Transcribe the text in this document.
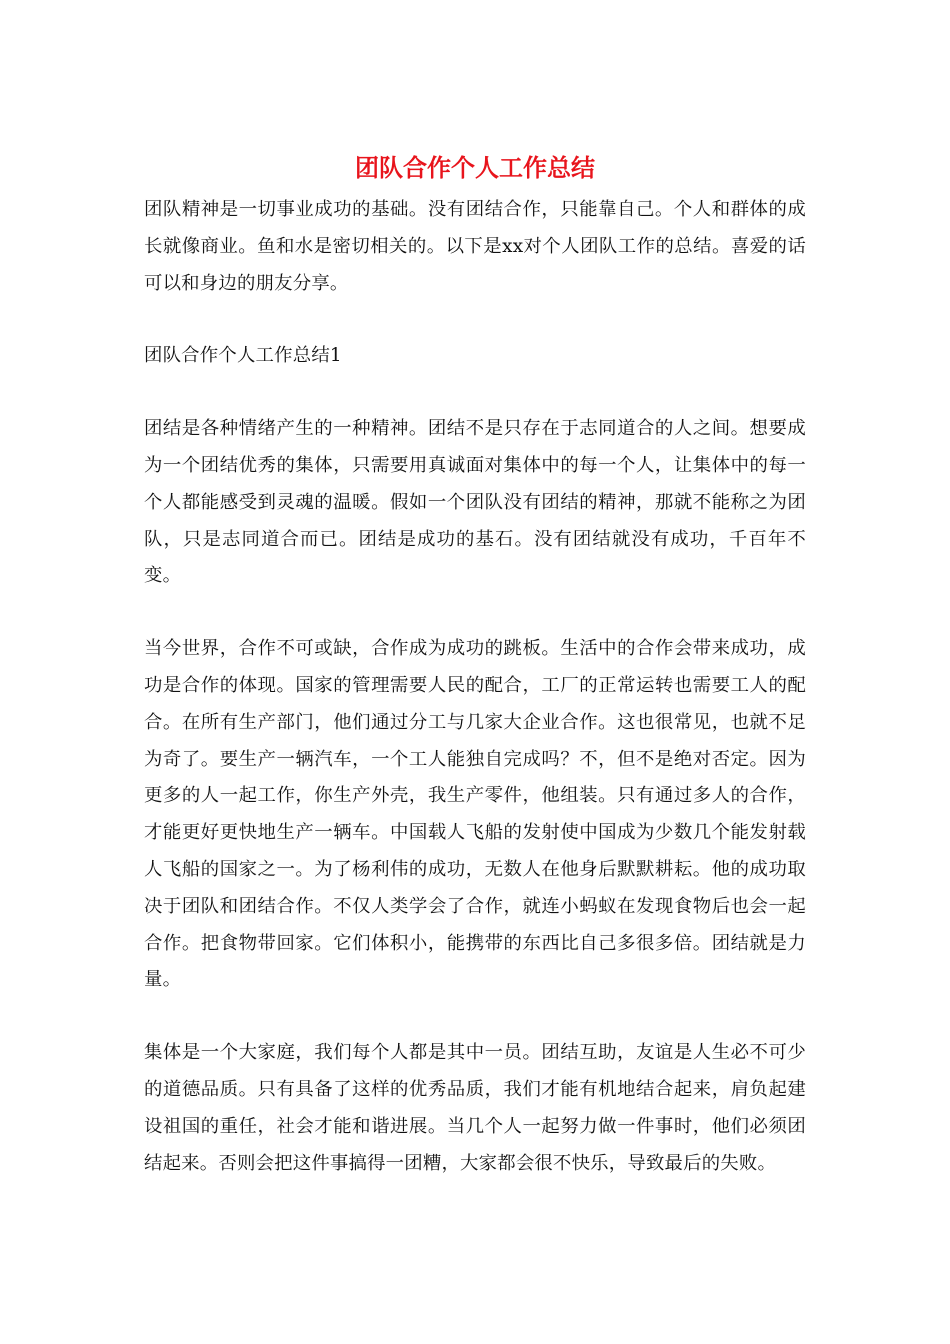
团队合作个人工作总结

团队精神是一切事业成功的基础。没有团结合作，只能靠自己。个人和群体的成长就像商业。鱼和水是密切相关的。以下是xx对个人团队工作的总结。喜爱的话可以和身边的朋友分享。

团队合作个人工作总结1

团结是各种情绪产生的一种精神。团结不是只存在于志同道合的人之间。想要成为一个团结优秀的集体，只需要用真诚面对集体中的每一个人，让集体中的每一个人都能感受到灵魂的温暖。假如一个团队没有团结的精神，那就不能称之为团队，只是志同道合而已。团结是成功的基石。没有团结就没有成功，千百年不变。

当今世界，合作不可或缺，合作成为成功的跳板。生活中的合作会带来成功，成功是合作的体现。国家的管理需要人民的配合，工厂的正常运转也需要工人的配合。在所有生产部门，他们通过分工与几家大企业合作。这也很常见，也就不足为奇了。要生产一辆汽车，一个工人能独自完成吗？不，但不是绝对否定。因为更多的人一起工作，你生产外壳，我生产零件，他组装。只有通过多人的合作，才能更好更快地生产一辆车。中国载人飞船的发射使中国成为少数几个能发射载人飞船的国家之一。为了杨利伟的成功，无数人在他身后默默耕耘。他的成功取决于团队和团结合作。不仅人类学会了合作，就连小蚂蚁在发现食物后也会一起合作。把食物带回家。它们体积小，能携带的东西比自己多很多倍。团结就是力量。

集体是一个大家庭，我们每个人都是其中一员。团结互助，友谊是人生必不可少的道德品质。只有具备了这样的优秀品质，我们才能有机地结合起来，肩负起建设祖国的重任，社会才能和谐进展。当几个人一起努力做一件事时，他们必须团结起来。否则会把这件事搞得一团糟，大家都会很不快乐，导致最后的失败。
